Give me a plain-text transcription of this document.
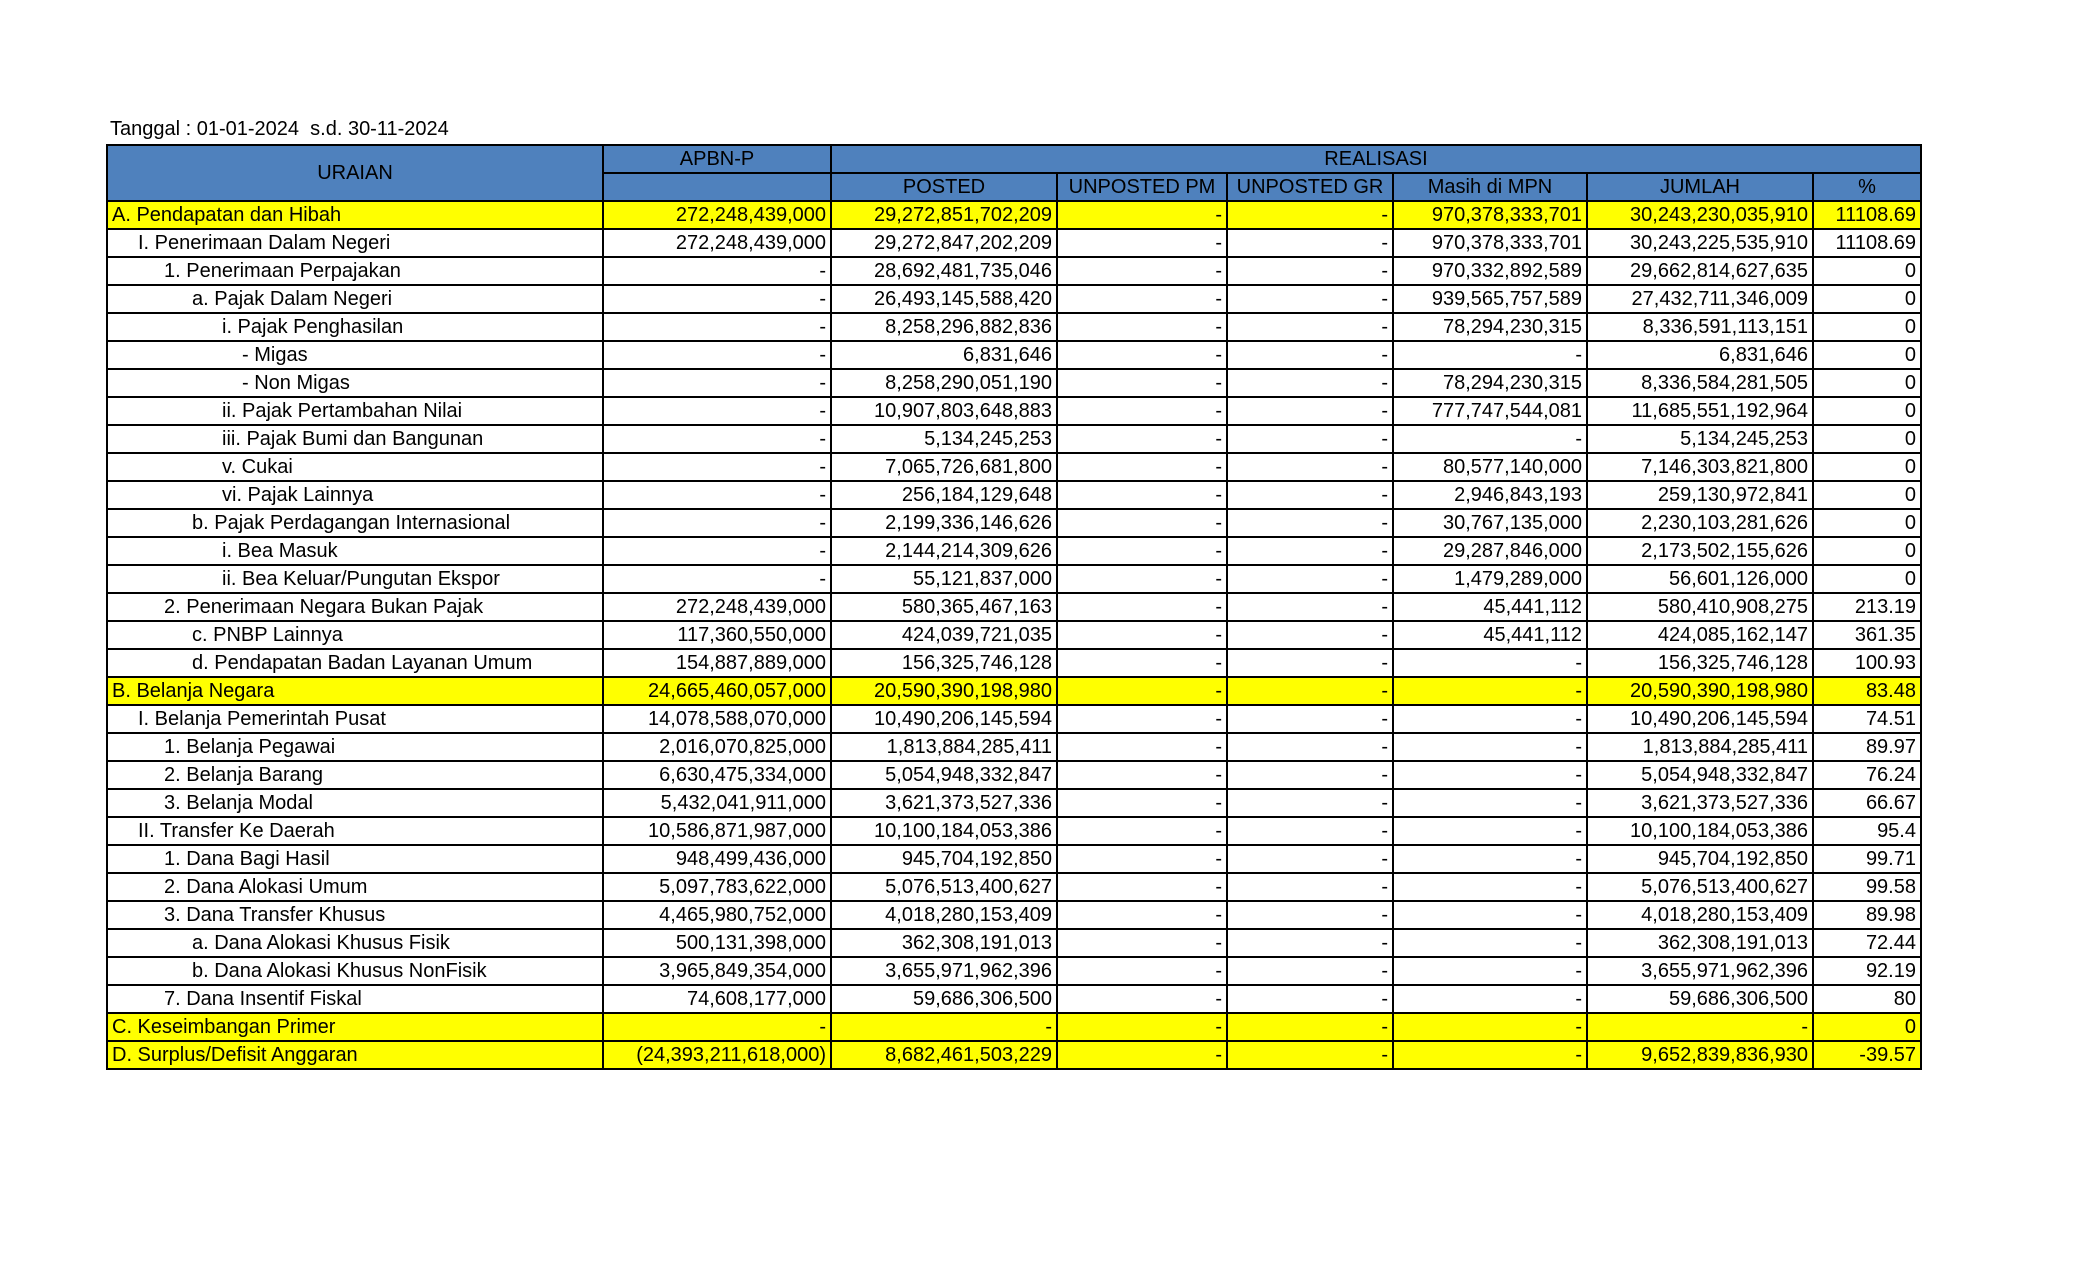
Tanggal : 01-01-2024  s.d. 30-11-2024
URAIAN	APBN-P	REALISASI					
		POSTED	UNPOSTED PM	UNPOSTED GR	Masih di MPN	JUMLAH	%
A. Pendapatan dan Hibah	272,248,439,000	29,272,851,702,209	-	-	970,378,333,701	30,243,230,035,910	11108.69
I. Penerimaan Dalam Negeri	272,248,439,000	29,272,847,202,209	-	-	970,378,333,701	30,243,225,535,910	11108.69
1. Penerimaan Perpajakan	-	28,692,481,735,046	-	-	970,332,892,589	29,662,814,627,635	0
a. Pajak Dalam Negeri	-	26,493,145,588,420	-	-	939,565,757,589	27,432,711,346,009	0
i. Pajak Penghasilan	-	8,258,296,882,836	-	-	78,294,230,315	8,336,591,113,151	0
- Migas	-	6,831,646	-	-	-	6,831,646	0
- Non Migas	-	8,258,290,051,190	-	-	78,294,230,315	8,336,584,281,505	0
ii. Pajak Pertambahan Nilai	-	10,907,803,648,883	-	-	777,747,544,081	11,685,551,192,964	0
iii. Pajak Bumi dan Bangunan	-	5,134,245,253	-	-	-	5,134,245,253	0
v. Cukai	-	7,065,726,681,800	-	-	80,577,140,000	7,146,303,821,800	0
vi. Pajak Lainnya	-	256,184,129,648	-	-	2,946,843,193	259,130,972,841	0
b. Pajak Perdagangan Internasional	-	2,199,336,146,626	-	-	30,767,135,000	2,230,103,281,626	0
i. Bea Masuk	-	2,144,214,309,626	-	-	29,287,846,000	2,173,502,155,626	0
ii. Bea Keluar/Pungutan Ekspor	-	55,121,837,000	-	-	1,479,289,000	56,601,126,000	0
2. Penerimaan Negara Bukan Pajak	272,248,439,000	580,365,467,163	-	-	45,441,112	580,410,908,275	213.19
c. PNBP Lainnya	117,360,550,000	424,039,721,035	-	-	45,441,112	424,085,162,147	361.35
d. Pendapatan Badan Layanan Umum	154,887,889,000	156,325,746,128	-	-	-	156,325,746,128	100.93
B. Belanja Negara	24,665,460,057,000	20,590,390,198,980	-	-	-	20,590,390,198,980	83.48
I. Belanja Pemerintah Pusat	14,078,588,070,000	10,490,206,145,594	-	-	-	10,490,206,145,594	74.51
1. Belanja Pegawai	2,016,070,825,000	1,813,884,285,411	-	-	-	1,813,884,285,411	89.97
2. Belanja Barang	6,630,475,334,000	5,054,948,332,847	-	-	-	5,054,948,332,847	76.24
3. Belanja Modal	5,432,041,911,000	3,621,373,527,336	-	-	-	3,621,373,527,336	66.67
II. Transfer Ke Daerah	10,586,871,987,000	10,100,184,053,386	-	-	-	10,100,184,053,386	95.4
1. Dana Bagi Hasil	948,499,436,000	945,704,192,850	-	-	-	945,704,192,850	99.71
2. Dana Alokasi Umum	5,097,783,622,000	5,076,513,400,627	-	-	-	5,076,513,400,627	99.58
3. Dana Transfer Khusus	4,465,980,752,000	4,018,280,153,409	-	-	-	4,018,280,153,409	89.98
a. Dana Alokasi Khusus Fisik	500,131,398,000	362,308,191,013	-	-	-	362,308,191,013	72.44
b. Dana Alokasi Khusus NonFisik	3,965,849,354,000	3,655,971,962,396	-	-	-	3,655,971,962,396	92.19
7. Dana Insentif Fiskal	74,608,177,000	59,686,306,500	-	-	-	59,686,306,500	80
C. Keseimbangan Primer	-	-	-	-	-	-	0
D. Surplus/Defisit Anggaran	(24,393,211,618,000)	8,682,461,503,229	-	-	-	9,652,839,836,930	-39.57
